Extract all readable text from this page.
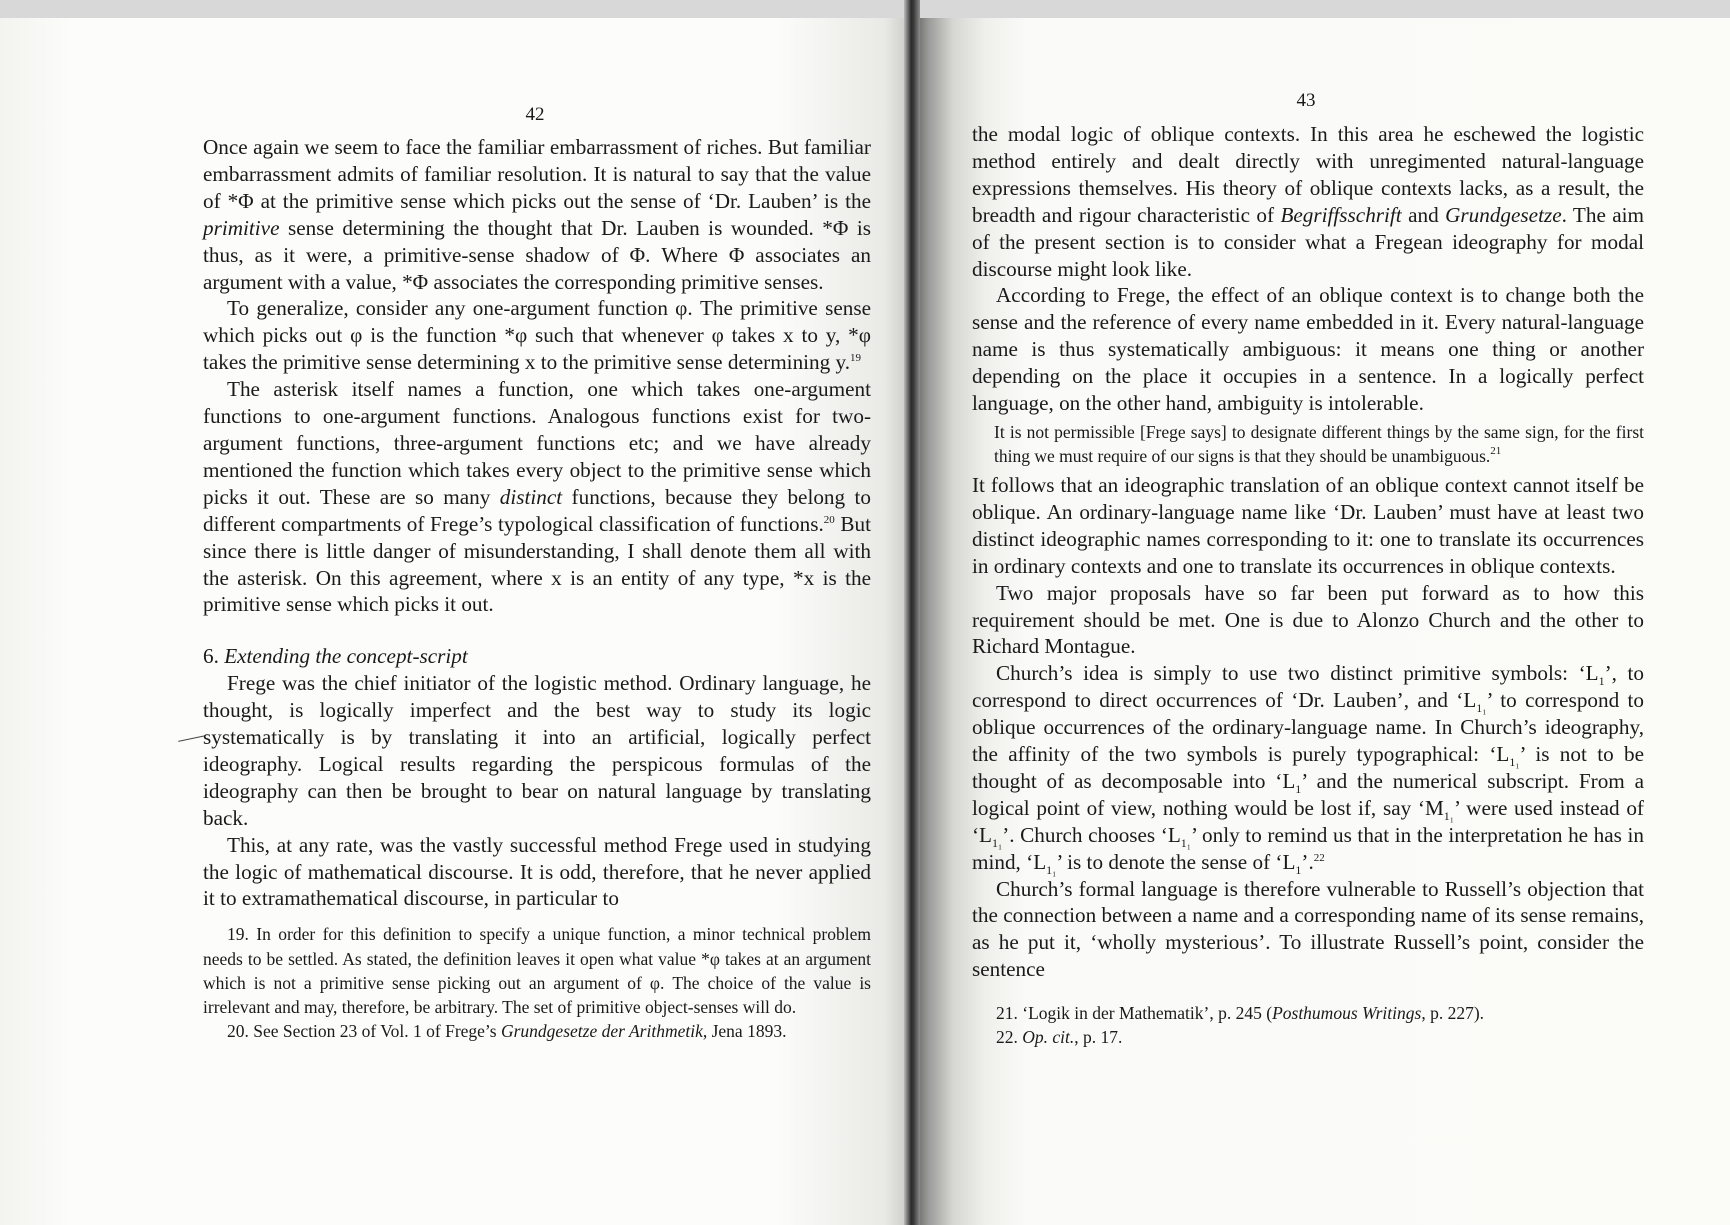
42

Once again we seem to face the familiar embarrassment of riches. But familiar embarrassment admits of familiar resolution. It is natural to say that the value of *Φ at the primitive sense which picks out the sense of ‘Dr. Lauben’ is the primitive sense determining the thought that Dr. Lauben is wounded. *Φ is thus, as it were, a primitive-sense shadow of Φ. Where Φ associates an argument with a value, *Φ associates the corresponding primitive senses.

To generalize, consider any one-argument function φ. The primitive sense which picks out φ is the function *φ such that whenever φ takes x to y, *φ takes the primitive sense determining x to the primitive sense determining y.$^{19}$

The asterisk itself names a function, one which takes one-argument functions to one-argument functions. Analogous functions exist for two-argument functions, three-argument functions etc; and we have already mentioned the function which takes every object to the primitive sense which picks it out. These are so many distinct functions, because they belong to different compartments of Frege’s typological classification of functions.$^{20}$ But since there is little danger of misunderstanding, I shall denote them all with the asterisk. On this agreement, where x is an entity of any type, *x is the primitive sense which picks it out.

6. Extending the concept-script

Frege was the chief initiator of the logistic method. Ordinary language, he thought, is logically imperfect and the best way to study its logic systematically is by translating it into an artificial, logically perfect ideography. Logical results regarding the perspicous formulas of the ideography can then be brought to bear on natural language by translating back.

This, at any rate, was the vastly successful method Frege used in studying the logic of mathematical discourse. It is odd, therefore, that he never applied it to extramathematical discourse, in particular to

19. In order for this definition to specify a unique function, a minor technical problem needs to be settled. As stated, the definition leaves it open what value *φ takes at an argument which is not a primitive sense picking out an argument of φ. The choice of the value is irrelevant and may, therefore, be arbitrary. The set of primitive object-senses will do.

20. See Section 23 of Vol. 1 of Frege’s Grundgesetze der Arithmetik, Jena 1893.

43

the modal logic of oblique contexts. In this area he eschewed the logistic method entirely and dealt directly with unregimented natural-language expressions themselves. His theory of oblique contexts lacks, as a result, the breadth and rigour characteristic of Begriffsschrift and Grundgesetze. The aim of the present section is to consider what a Fregean ideography for modal discourse might look like.

According to Frege, the effect of an oblique context is to change both the sense and the reference of every name embedded in it. Every natural-language name is thus systematically ambiguous: it means one thing or another depending on the place it occupies in a sentence. In a logically perfect language, on the other hand, ambiguity is intolerable.

It is not permissible [Frege says] to designate different things by the same sign, for the first thing we must require of our signs is that they should be unambiguous.$^{21}$

It follows that an ideographic translation of an oblique context cannot itself be oblique. An ordinary-language name like ‘Dr. Lauben’ must have at least two distinct ideographic names corresponding to it: one to translate its occurrences in ordinary contexts and one to translate its occurrences in oblique contexts.

Two major proposals have so far been put forward as to how this requirement should be met. One is due to Alonzo Church and the other to Richard Montague.

Church’s idea is simply to use two distinct primitive symbols: ‘$L_1$’, to correspond to direct occurrences of ‘Dr. Lauben’, and ‘$L_{1_1}$’ to correspond to oblique occurrences of the ordinary-language name. In Church’s ideography, the affinity of the two symbols is purely typographical: ‘$L_{1_1}$’ is not to be thought of as decomposable into ‘$L_1$’ and the numerical subscript. From a logical point of view, nothing would be lost if, say ‘$M_{1_1}$’ were used instead of ‘$L_{1_1}$’. Church chooses ‘$L_{1_1}$’ only to remind us that in the interpretation he has in mind, ‘$L_{1_1}$’ is to denote the sense of ‘$L_1’.^{22}$

Church’s formal language is therefore vulnerable to Russell’s objection that the connection between a name and a corresponding name of its sense remains, as he put it, ‘wholly mysterious’. To illustrate Russell’s point, consider the sentence

21. ‘Logik in der Mathematik’, p. 245 (Posthumous Writings, p. 227).

22. Op. cit., p. 17.
